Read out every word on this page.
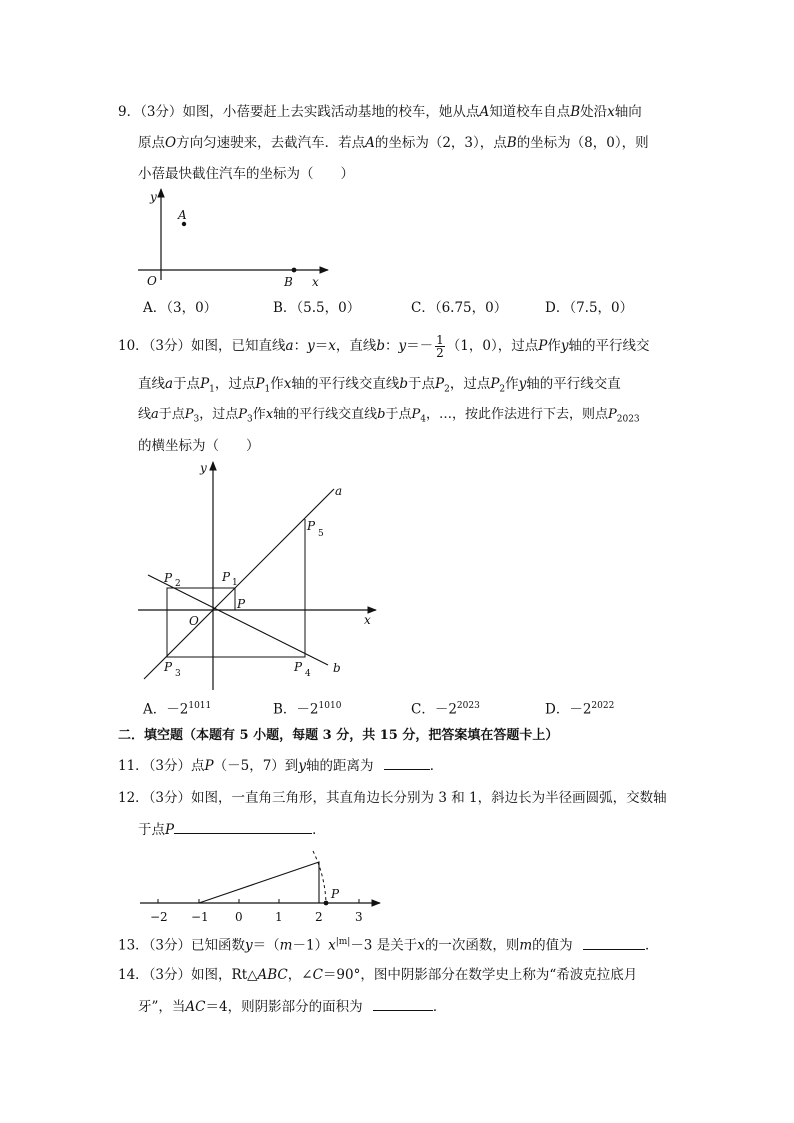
9．（3分）如图，小蓓要赶上去实践活动基地的校车，她从点A知道校车自点B处沿x轴向
原点O方向匀速驶来，去截汽车．若点A的坐标为（2，3），点B的坐标为（8，0），则
小蓓最快截住汽车的坐标为（　　）
y
A
O	B x
A．（3，0）	B．（5.5，0）	C．（6.75，0）	D．（7.5，0）
10．（3分）如图，已知直线a：y＝x，直线b：$y=- \frac{1}{2} (1$，0），过点P作y轴的平行线交
直线a于点$P_1$，过点$P_1$作x轴的平行线交直线b于点$P_2$，过点$P_2$作y轴的平行线交直
线a于点$P_3$，过点$P_3$作x轴的平行线交直线b于点$P_4$，…，按此作法进行下去，则点$P_{2023}$
的横坐标为（　　）
y
x
O
a
b
P
P 1
P 2
P 3	P 4
P
5
A．$-2^{1011}$	B．$-2^{1010}$	C．$-2^{2023}$	D．$-2^{2022}$
二．填空题（本题有 5 小题，每题 3 分，共 15 分，把答案填在答题卡上）
11．（3分）点P（－5，7）到y轴的距离为	．
12．（3分）如图，一直角三角形，其直角边长分别为 3 和 1，斜边长为半径画圆弧，交数轴
于点P	．
P
−2 −1 0	1	2	3
13．（3分）已知函数$y=(m-1)x^{|m|}-3$ 是关于x的一次函数，则m的值为	．
14．（3分）如图，Rt△ABC，∠C＝90°，图中阴影部分在数学史上称为“希波克拉底月
牙”，当AC＝4，则阴影部分的面积为	．
